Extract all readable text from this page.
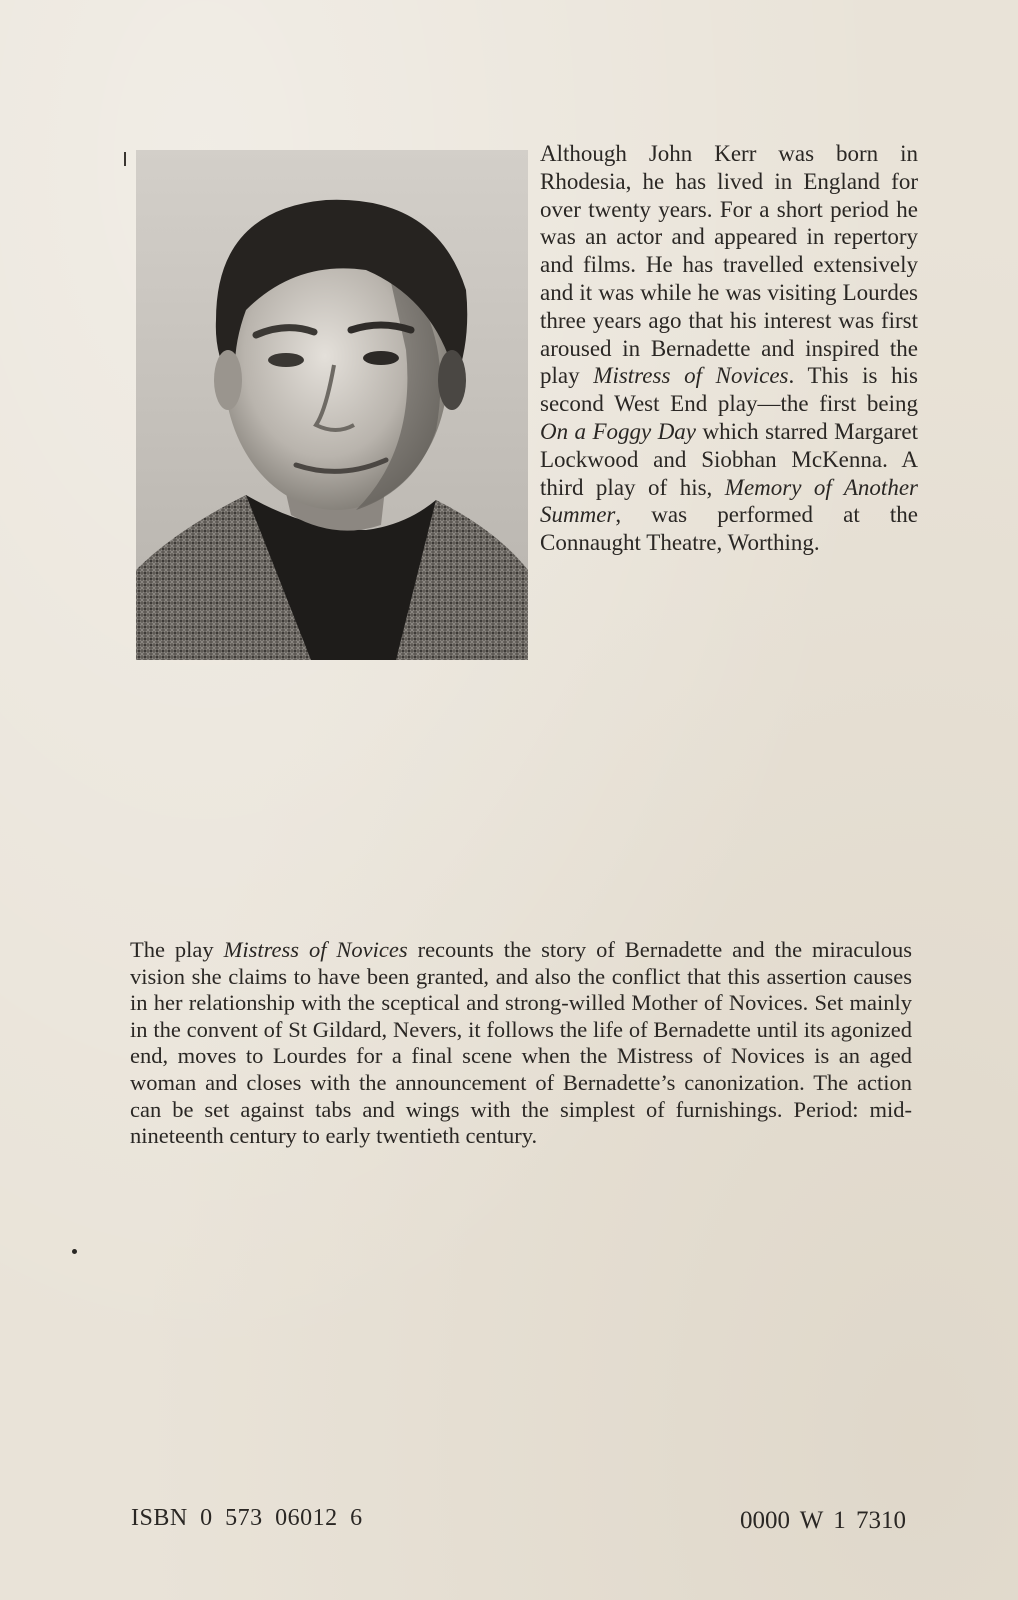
Although John Kerr was born in Rhodesia, he has lived in England for over twenty years. For a short period he was an actor and appeared in repertory and films. He has travelled extensively and it was while he was visiting Lourdes three years ago that his interest was first aroused in Bernadette and inspired the play Mistress of Novices. This is his second West End play—the first being On a Foggy Day which starred Margaret Lockwood and Siobhan McKenna. A third play of his, Memory of Another Summer, was performed at the Connaught Theatre, Worthing.

The play Mistress of Novices recounts the story of Bernadette and the miraculous vision she claims to have been granted, and also the conflict that this assertion causes in her relationship with the sceptical and strong-willed Mother of Novices. Set mainly in the convent of St Gildard, Nevers, it follows the life of Bernadette until its agonized end, moves to Lourdes for a final scene when the Mistress of Novices is an aged woman and closes with the announcement of Bernadette’s canonization. The action can be set against tabs and wings with the simplest of furnishings. Period: mid-nineteenth century to early twentieth century.

ISBN 0 573 06012 6	0000 W 1 7310
